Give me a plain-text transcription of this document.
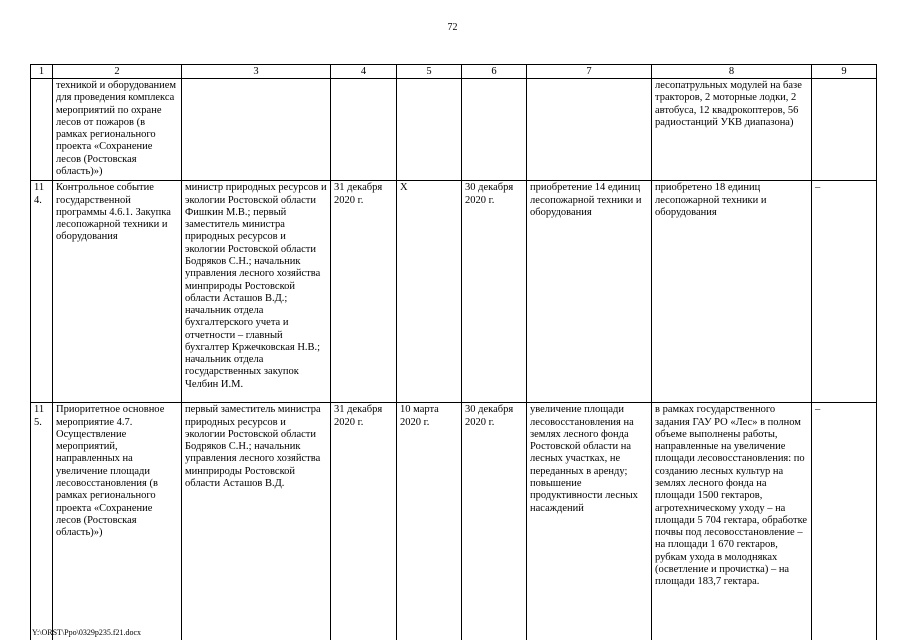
72
1	2	3	4	5	6	7	8	9
	техникой и оборудованием для проведения комплекса мероприятий по охране лесов от пожаров (в рамках регионального проекта «Сохранение лесов (Ростовская область)»)						лесопатрульных модулей на базе тракторов, 2 моторные лодки, 2 автобуса, 12 квадрокоптеров, 56 радиостанций УКВ диапазона)	
114.	Контрольное событие государственной программы 4.6.1. Закупка лесопожарной техники и оборудования	министр природных ресурсов и экологии Ростовской области Фишкин М.В.; первый заместитель министра природных ресурсов и экологии Ростовской области Бодряков С.Н.; начальник управления лесного хозяйства минприроды Ростовской области Асташов В.Д.; начальник отдела бухгалтерского учета и отчетности – главный бухгалтер Кржечковская Н.В.; начальник отдела государственных закупок Челбин И.М.	31 декабря 2020 г.	X	30 декабря 2020 г.	приобретение 14 единиц лесопожарной техники и оборудования	приобретено 18 единиц лесопожарной техники и оборудования	–
115.	Приоритетное основное мероприятие 4.7. Осуществление мероприятий, направленных на увеличение площади лесовосстановления (в рамках регионального проекта «Сохранение лесов (Ростовская область)»)	первый заместитель министра природных ресурсов и экологии Ростовской области Бодряков С.Н.; начальник управления лесного хозяйства минприроды Ростовской области Асташов В.Д.	31 декабря 2020 г.	10 марта 2020 г.	30 декабря 2020 г.	увеличение площади лесовосстановления на землях лесного фонда Ростовской области на лесных участках, не переданных в аренду; повышение продуктивности лесных насаждений	в рамках государственного задания ГАУ РО «Лес» в полном объеме выполнены работы, направленные на увеличение площади лесовосстановления: по созданию лесных культур на землях лесного фонда на площади 1500 гектаров, агротехническому уходу – на площади 5 704 гектара, обработке почвы под лесовосстановление – на площади 1 670 гектаров, рубкам ухода в молодняках (осветление и прочистка) – на площади 183,7 гектара.	–
Y:\ORST\Ppo\0329p235.f21.docx
